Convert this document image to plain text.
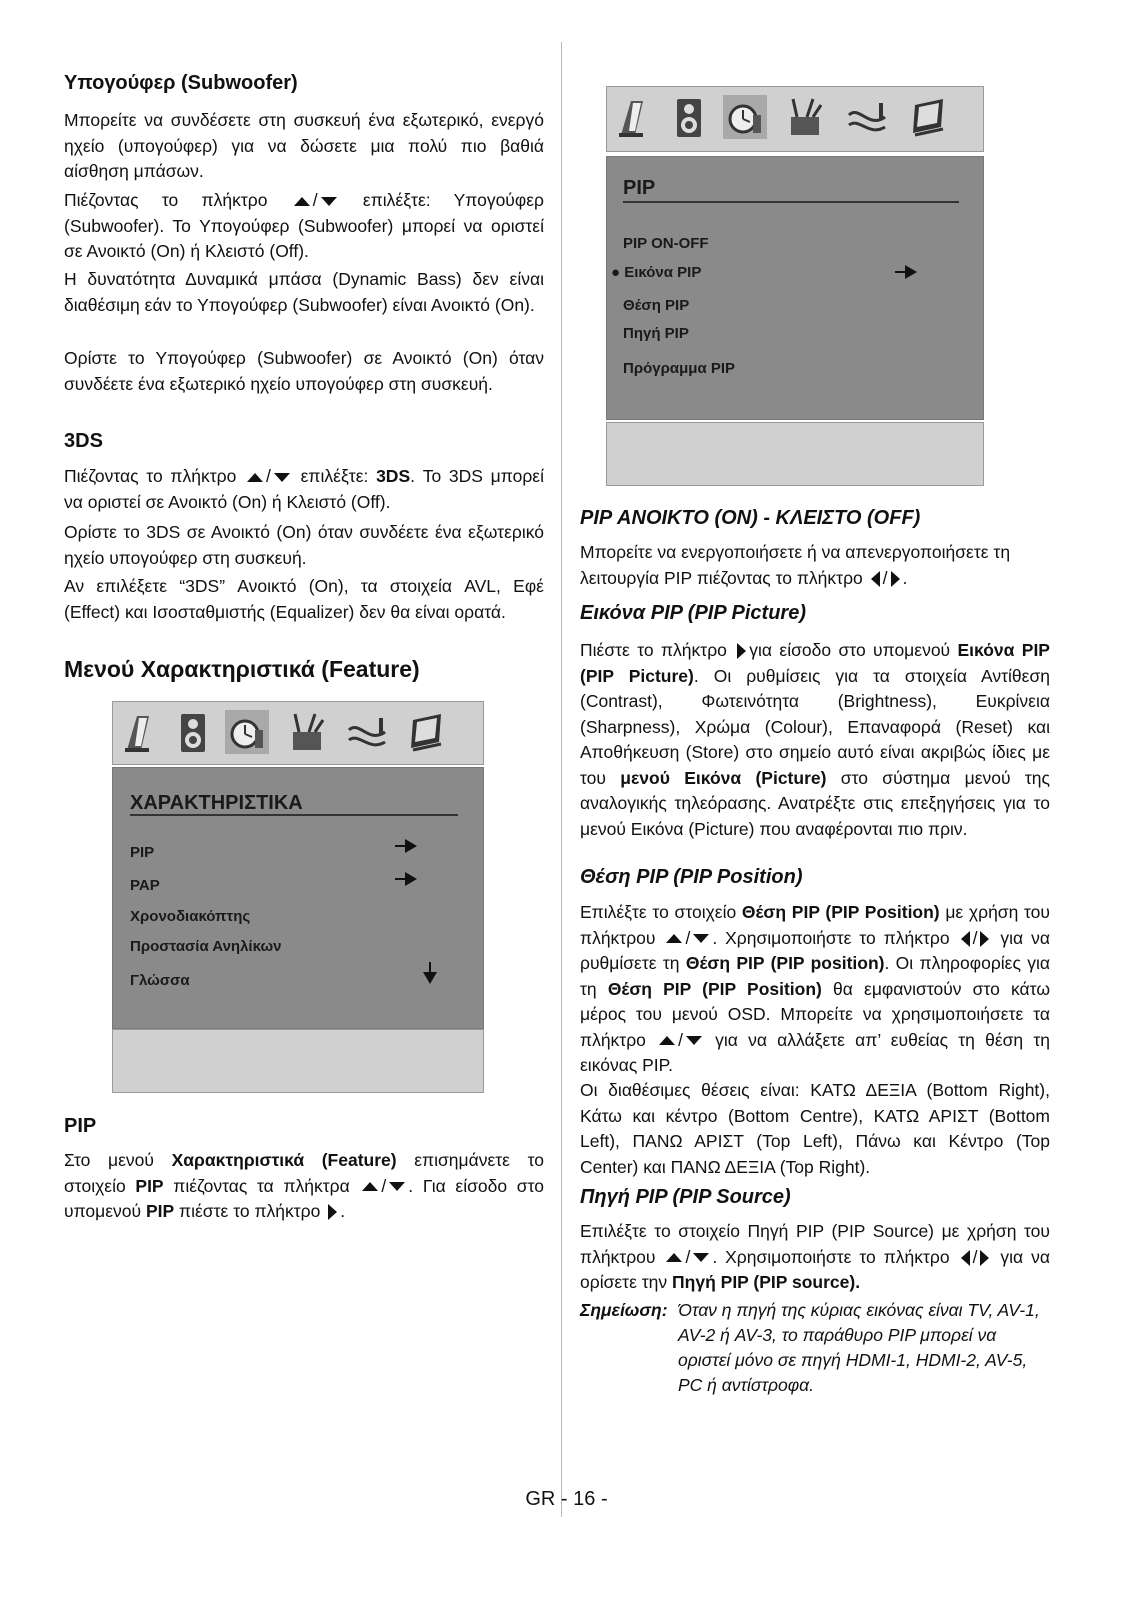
Υπογούφερ (Subwoofer)

Μπορείτε να συνδέσετε στη συσκευή ένα εξωτερικό, ενεργό ηχείο (υπογούφερ) για να δώσετε μια πολύ πιο βαθιά αίσθηση μπάσων.

Πιέζοντας το πλήκτρο	/	επιλέξτε: Υπογούφερ (Subwoofer). Το Υπογούφερ (Subwoofer) μπορεί να οριστεί σε Ανοικτό (On) ή Κλειστό (Off).

Η δυνατότητα Δυναμικά μπάσα (Dynamic Bass) δεν είναι διαθέσιμη εάν το Υπογούφερ (Subwoofer) είναι Ανοικτό (On).

Ορίστε το Υπογούφερ (Subwoofer) σε Ανοικτό (On) όταν συνδέετε ένα εξωτερικό ηχείο υπογούφερ στη συσκευή.

3DS

Πιέζοντας το πλήκτρο / επιλέξτε: 3DS. Το 3DS μπορεί να οριστεί σε Ανοικτό (On) ή Κλειστό (Off).

Ορίστε το 3DS σε Ανοικτό (On) όταν συνδέετε ένα εξωτερικό ηχείο υπογούφερ στη συσκευή.

Αν επιλέξετε “3DS” Ανοικτό (On), τα στοιχεία AVL, Εφέ (Effect) και Ισοσταθμιστής (Equalizer) δεν θα είναι ορατά.

Μενού Χαρακτηριστικά (Feature)
ΧΑΡΑΚΤΗΡΙΣΤΙΚΑ
PIP
PAP
Χρονοδιακόπτης
Προστασία Ανηλίκων
Γλώσσα
PIP

Στο μενού Χαρακτηριστικά (Feature) επισημάνετε το στοιχείο PIP πιέζοντας τα πλήκτρα / . Για είσοδο στο υπομενού PIP πιέστε το πλήκτρο .

PIP
PIP ON-OFF
● Εικόνα PIP
Θέση PIP
Πηγή PIP
Πρόγραμμα PIP
PIP ΑΝΟΙΚΤΟ (ON) - ΚΛΕΙΣΤΟ (OFF)

Μπορείτε να ενεργοποιήσετε ή να απενεργοποιήσετε τη λειτουργία PIP πιέζοντας το πλήκτρο / .

Εικόνα PIP (PIP Picture)

Πιέστε το πλήκτρο για είσοδο στο υπομενού Εικόνα PIP (PIP Picture). Οι ρυθμίσεις για τα στοιχεία Αντίθεση (Contrast), Φωτεινότητα (Brightness), Ευκρίνεια (Sharpness), Χρώμα (Colour), Επαναφορά (Reset) και Αποθήκευση (Store) στο σημείο αυτό είναι ακριβώς ίδιες με του μενού Εικόνα (Picture) στο σύστημα μενού της αναλογικής τηλεόρασης. Ανατρέξτε στις επεξηγήσεις για το μενού Εικόνα (Picture) που αναφέρονται πιο πριν.

Θέση PIP (PIP Position)

Επιλέξτε το στοιχείο Θέση PIP (PIP Position) με χρήση του πλήκτρου / . Χρησιμοποιήστε το πλήκτρο / για να ρυθμίσετε τη Θέση PIP (PIP position). Οι πληροφορίες για τη Θέση PIP (PIP Position) θα εμφανιστούν στο κάτω μέρος του μενού OSD. Μπορείτε να χρησιμοποιήσετε τα πλήκτρο / για να αλλάξετε απ’ ευθείας τη θέση τη εικόνας PIP.

Οι διαθέσιμες θέσεις είναι: ΚΑΤΩ ΔΕΞΙΑ (Bottom Right), Κάτω και κέντρο (Bottom Centre), ΚΑΤΩ ΑΡΙΣΤ (Bottom Left), ΠΑΝΩ ΑΡΙΣΤ (Top Left), Πάνω και Κέντρο (Top Center) και ΠΑΝΩ ΔΕΞΙΑ (Top Right).

Πηγή PIP (PIP Source)

Επιλέξτε το στοιχείο Πηγή PIP (PIP Source) με χρήση του πλήκτρου / . Χρησιμοποιήστε το πλήκτρο / για να ορίσετε την Πηγή PIP (PIP source).

Σημείωση: Όταν η πηγή της κύριας εικόνας είναι TV, AV-1, AV-2 ή AV-3, το παράθυρο PIP μπορεί να οριστεί μόνο σε πηγή HDMI-1, HDMI-2, AV-5, PC ή αντίστροφα.
GR - 16 -
